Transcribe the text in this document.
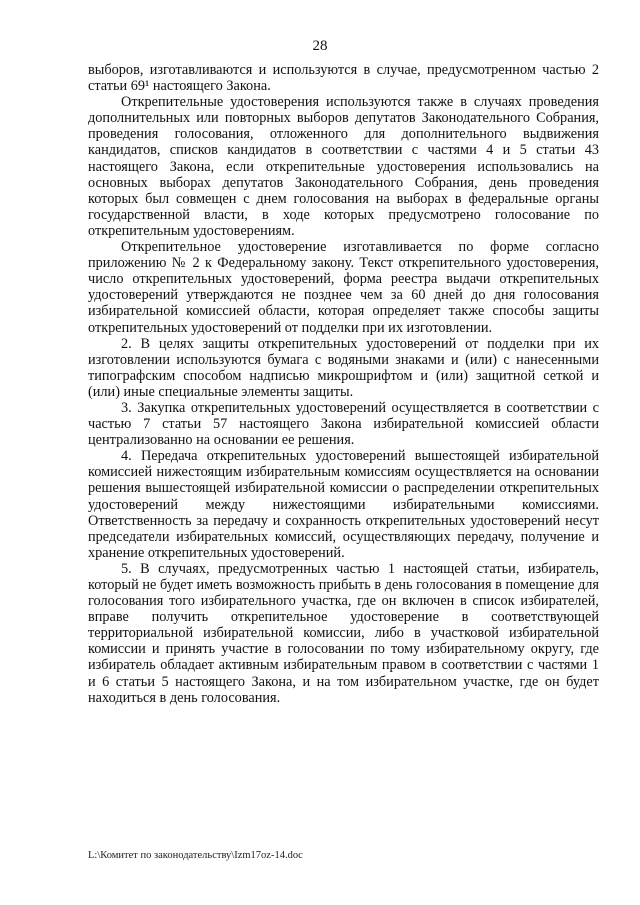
28

выборов, изготавливаются и используются в случае, предусмотренном частью 2 статьи 69¹ настоящего Закона.

Открепительные удостоверения используются также в случаях проведения дополнительных или повторных выборов депутатов Законодательного Собрания, проведения голосования, отложенного для дополнительного выдвижения кандидатов, списков кандидатов в соответствии с частями 4 и 5 статьи 43 настоящего Закона, если открепительные удостоверения использовались на основных выборах депутатов Законодательного Собрания, день проведения которых был совмещен с днем голосования на выборах в федеральные органы государственной власти, в ходе которых предусмотрено голосование по открепительным удостоверениям.

Открепительное удостоверение изготавливается по форме согласно приложению № 2 к Федеральному закону. Текст открепительного удостоверения, число открепительных удостоверений, форма реестра выдачи открепительных удостоверений утверждаются не позднее чем за 60 дней до дня голосования избирательной комиссией области, которая определяет также способы защиты открепительных удостоверений от подделки при их изготовлении.

2. В целях защиты открепительных удостоверений от подделки при их изготовлении используются бумага с водяными знаками и (или) с нанесенными типографским способом надписью микрошрифтом и (или) защитной сеткой и (или) иные специальные элементы защиты.

3. Закупка открепительных удостоверений осуществляется в соответствии с частью 7 статьи 57 настоящего Закона избирательной комиссией области централизованно на основании ее решения.

4. Передача открепительных удостоверений вышестоящей избирательной комиссией нижестоящим избирательным комиссиям осуществляется на основании решения вышестоящей избирательной комиссии о распределении открепительных удостоверений между нижестоящими избирательными комиссиями. Ответственность за передачу и сохранность открепительных удостоверений несут председатели избирательных комиссий, осуществляющих передачу, получение и хранение открепительных удостоверений.

5. В случаях, предусмотренных частью 1 настоящей статьи, избиратель, который не будет иметь возможность прибыть в день голосования в помещение для голосования того избирательного участка, где он включен в список избирателей, вправе получить открепительное удостоверение в соответствующей территориальной избирательной комиссии, либо в участковой избирательной комиссии и принять участие в голосовании по тому избирательному округу, где избиратель обладает активным избирательным правом в соответствии с частями 1 и 6 статьи 5 настоящего Закона, и на том избирательном участке, где он будет находиться в день голосования.

L:\Комитет по законодательству\Izm17oz-14.doc
